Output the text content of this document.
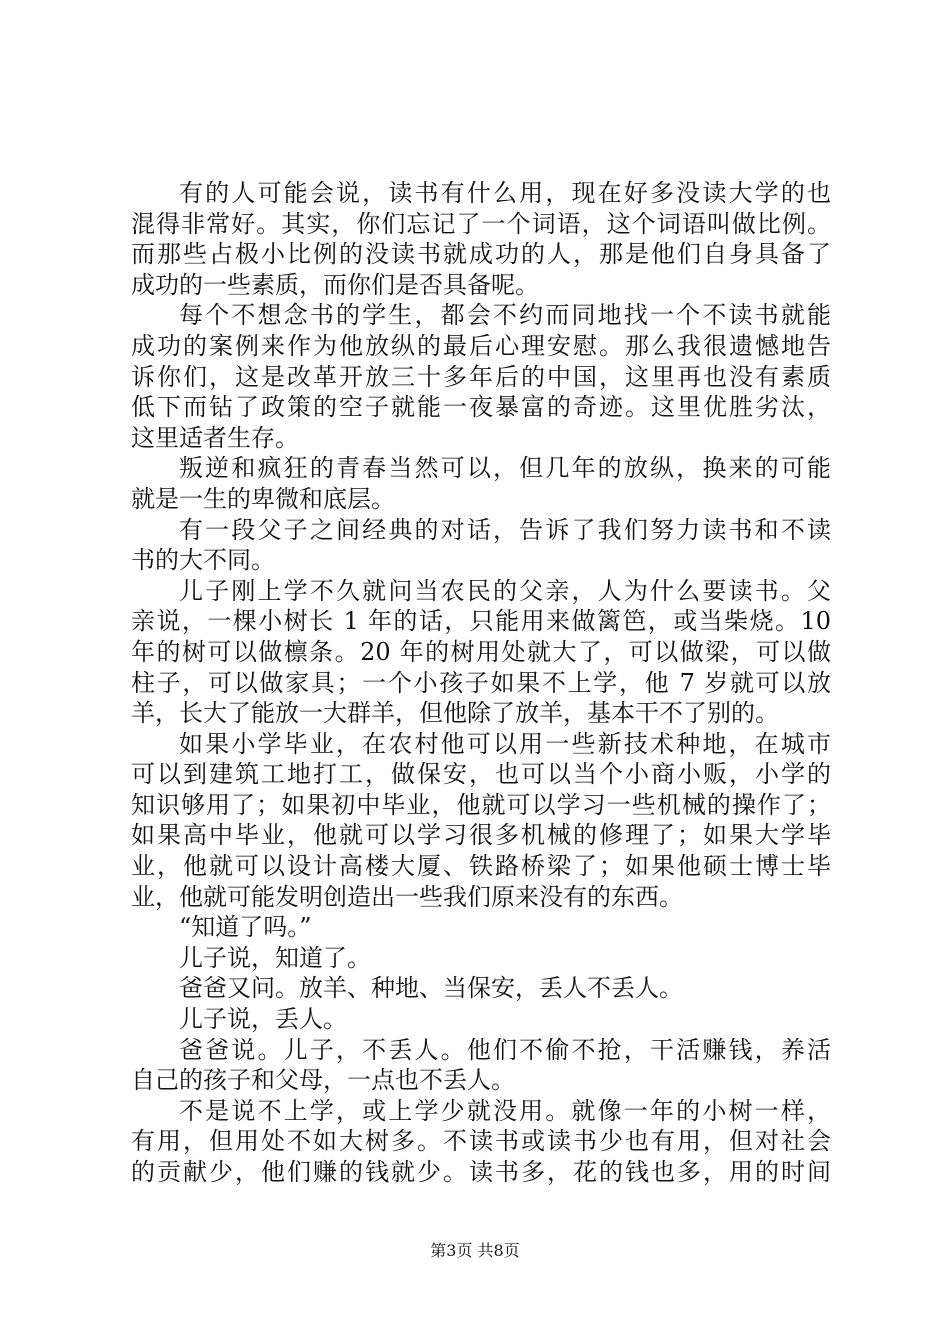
有的人可能会说，读书有什么用，现在好多没读大学的也
混得非常好。其实，你们忘记了一个词语，这个词语叫做比例。
而那些占极小比例的没读书就成功的人，那是他们自身具备了
成功的一些素质，而你们是否具备呢。
每个不想念书的学生，都会不约而同地找一个不读书就能
成功的案例来作为他放纵的最后心理安慰。那么我很遗憾地告
诉你们，这是改革开放三十多年后的中国，这里再也没有素质
低下而钻了政策的空子就能一夜暴富的奇迹。这里优胜劣汰，
这里适者生存。
叛逆和疯狂的青春当然可以，但几年的放纵，换来的可能
就是一生的卑微和底层。
有一段父子之间经典的对话，告诉了我们努力读书和不读
书的大不同。
儿子刚上学不久就问当农民的父亲，人为什么要读书。父
亲说，一棵小树长 1 年的话，只能用来做篱笆，或当柴烧。10
年的树可以做檩条。20 年的树用处就大了，可以做梁，可以做
柱子，可以做家具；一个小孩子如果不上学，他 7 岁就可以放
羊，长大了能放一大群羊，但他除了放羊，基本干不了别的。
如果小学毕业，在农村他可以用一些新技术种地，在城市
可以到建筑工地打工，做保安，也可以当个小商小贩，小学的
知识够用了；如果初中毕业，他就可以学习一些机械的操作了；
如果高中毕业，他就可以学习很多机械的修理了；如果大学毕
业，他就可以设计高楼大厦、铁路桥梁了；如果他硕士博士毕
业，他就可能发明创造出一些我们原来没有的东西。
“知道了吗。”
儿子说，知道了。
爸爸又问。放羊、种地、当保安，丢人不丢人。
儿子说，丢人。
爸爸说。儿子，不丢人。他们不偷不抢，干活赚钱，养活
自己的孩子和父母，一点也不丢人。
不是说不上学，或上学少就没用。就像一年的小树一样，
有用，但用处不如大树多。不读书或读书少也有用，但对社会
的贡献少，他们赚的钱就少。读书多，花的钱也多，用的时间
第3页 共8页
